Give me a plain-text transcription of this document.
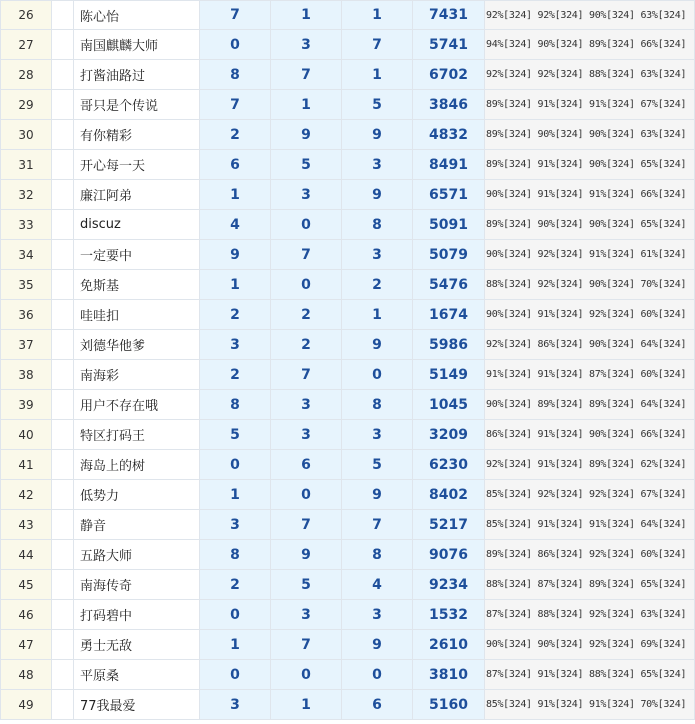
26		陈心怡	7	1	1	7431	92%[324] 92%[324] 90%[324] 63%[324]
27		南国麒麟大师	0	3	7	5741	94%[324] 90%[324] 89%[324] 66%[324]
28		打酱油路过	8	7	1	6702	92%[324] 92%[324] 88%[324] 63%[324]
29		哥只是个传说	7	1	5	3846	89%[324] 91%[324] 91%[324] 67%[324]
30		有你精彩	2	9	9	4832	89%[324] 90%[324] 90%[324] 63%[324]
31		开心每一天	6	5	3	8491	89%[324] 91%[324] 90%[324] 65%[324]
32		廉江阿弟	1	3	9	6571	90%[324] 91%[324] 91%[324] 66%[324]
33		discuz	4	0	8	5091	89%[324] 90%[324] 90%[324] 65%[324]
34		一定要中	9	7	3	5079	90%[324] 92%[324] 91%[324] 61%[324]
35		免斯基	1	0	2	5476	88%[324] 92%[324] 90%[324] 70%[324]
36		哇哇扣	2	2	1	1674	90%[324] 91%[324] 92%[324] 60%[324]
37		刘德华他爹	3	2	9	5986	92%[324] 86%[324] 90%[324] 64%[324]
38		南海彩	2	7	0	5149	91%[324] 91%[324] 87%[324] 60%[324]
39		用户不存在哦	8	3	8	1045	90%[324] 89%[324] 89%[324] 64%[324]
40		特区打码王	5	3	3	3209	86%[324] 91%[324] 90%[324] 66%[324]
41		海岛上的树	0	6	5	6230	92%[324] 91%[324] 89%[324] 62%[324]
42		低势力	1	0	9	8402	85%[324] 92%[324] 92%[324] 67%[324]
43		静音	3	7	7	5217	85%[324] 91%[324] 91%[324] 64%[324]
44		五路大师	8	9	8	9076	89%[324] 86%[324] 92%[324] 60%[324]
45		南海传奇	2	5	4	9234	88%[324] 87%[324] 89%[324] 65%[324]
46		打码碧中	0	3	3	1532	87%[324] 88%[324] 92%[324] 63%[324]
47		勇士无敌	1	7	9	2610	90%[324] 90%[324] 92%[324] 69%[324]
48		平原桑	0	0	0	3810	87%[324] 91%[324] 88%[324] 65%[324]
49		77我最爱	3	1	6	5160	85%[324] 91%[324] 91%[324] 70%[324]
